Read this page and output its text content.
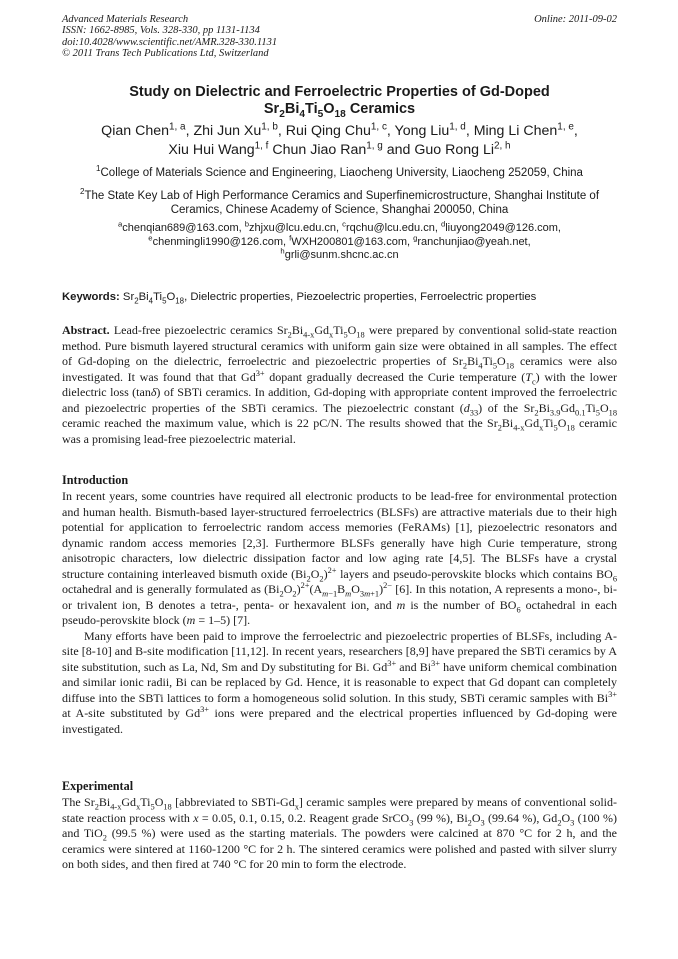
Advanced Materials Research
ISSN: 1662-8985, Vols. 328-330, pp 1131-1134
doi:10.4028/www.scientific.net/AMR.328-330.1131
© 2011 Trans Tech Publications Ltd, Switzerland
Online: 2011-09-02
Study on Dielectric and Ferroelectric Properties of Gd-Doped
$Sr_2Bi_4Ti_5O_{18}$ Ceramics
Qian Chen$^{1, a}$, Zhi Jun Xu$^{1, b}$, Rui Qing Chu$^{1, c}$, Yong Liu$^{1, d}$, Ming Li Chen$^{1, e}$,
Xiu Hui Wang$^{1, f}$ Chun Jiao Ran$^{1, g}$ and Guo Rong Li$^{2, h}$
$^1$College of Materials Science and Engineering, Liaocheng University, Liaocheng 252059, China
$^2$The State Key Lab of High Performance Ceramics and Superfinemicrostructure, Shanghai Institute of Ceramics, Chinese Academy of Science, Shanghai 200050, China
$^a$chenqian689@163.com, $^b$zhjxu@lcu.edu.cn, $^c$rqchu@lcu.edu.cn, $^d$liuyong2049@126.com,
$^e$chenmingli1990@126.com, $^f$WXH200801@163.com, $^g$ranchunjiao@yeah.net,
$^h$grli@sunm.shcnc.ac.cn
Keywords: $Sr_2Bi_4Ti_5O_{18}$, Dielectric properties, Piezoelectric properties, Ferroelectric properties

Abstract. Lead-free piezoelectric ceramics $Sr_2Bi_{4-x}Gd_xTi_5O_{18}$ were prepared by conventional solid-state reaction method. Pure bismuth layered structural ceramics with uniform gain size were obtained in all samples. The effect of Gd-doping on the dielectric, ferroelectric and piezoelectric properties of $Sr_2Bi_4Ti_5O_{18}$ ceramics were also investigated. It was found that that $Gd^{3+}$ dopant gradually decreased the Curie temperature $(T_c)$ with the lower dielectric loss (tanδ) of SBTi ceramics. In addition, Gd-doping with appropriate content improved the ferroelectric and piezoelectric properties of the SBTi ceramics. The piezoelectric constant $(d_{33})$ of the $Sr_2Bi_{3.9}Gd_{0.1}Ti_5O_{18}$ ceramic reached the maximum value, which is 22 pC/N. The results showed that the $Sr_2Bi_{4-x}Gd_xTi_5O_{18}$ ceramic was a promising lead-free piezoelectric material.

Introduction

In recent years, some countries have required all electronic products to be lead-free for environmental protection and human health. Bismuth-based layer-structured ferroelectrics (BLSFs) are attractive materials due to their high potential for application to ferroelectric random access memories (FeRAMs) [1], piezoelectric resonators and dynamic random access memories [2,3]. Furthermore BLSFs generally have high Curie temperature, strong anisotropic characters, low dielectric dissipation factor and low aging rate [4,5]. The BLSFs have a crystal structure containing interleaved bismuth oxide $(Bi_2O_2)^{2+}$ layers and pseudo-perovskite blocks which contains $BO_6$ octahedral and is generally formulated as $(Bi_2O_2)^{2+}(A_{m-1}B_mO_{3m+1})^{2-}$ [6]. In this notation, A represents a mono-, bi- or trivalent ion, B denotes a tetra-, penta- or hexavalent ion, and m is the number of $BO_6$ octahedral in each pseudo-perovskite block (m = 1–5) [7].

Many efforts have been paid to improve the ferroelectric and piezoelectric properties of BLSFs, including A-site [8-10] and B-site modification [11,12]. In recent years, researchers [8,9] have prepared the SBTi ceramics by A site substitution, such as La, Nd, Sm and Dy substituting for Bi. $Gd^{3+}$ and $Bi^{3+}$ have uniform chemical combination and similar ionic radii, Bi can be replaced by Gd. Hence, it is reasonable to expect that Gd dopant can completely diffuse into the SBTi lattices to form a homogeneous solid solution. In this study, SBTi ceramic samples with $Bi^{3+}$ at A-site substituted by $Gd^{3+}$ ions were prepared and the electrical properties influenced by Gd-doping were investigated.

Experimental

The $Sr_2Bi_{4-x}Gd_xTi_5O_{18}$ [abbreviated to SBTi-$Gd_x$] ceramic samples were prepared by means of conventional solid-state reaction process with x = 0.05, 0.1, 0.15, 0.2. Reagent grade SrCO$_3$ (99 %), $Bi_2O_3$ (99.64 %), $Gd_2O_3$ (100 %) and TiO$_2$ (99.5 %) were used as the starting materials. The powders were calcined at 870 °C for 2 h, and the ceramics were sintered at 1160-1200 °C for 2 h. The sintered ceramics were polished and pasted with silver slurry on both sides, and then fired at 740 °C for 20 min to form the electrode.
